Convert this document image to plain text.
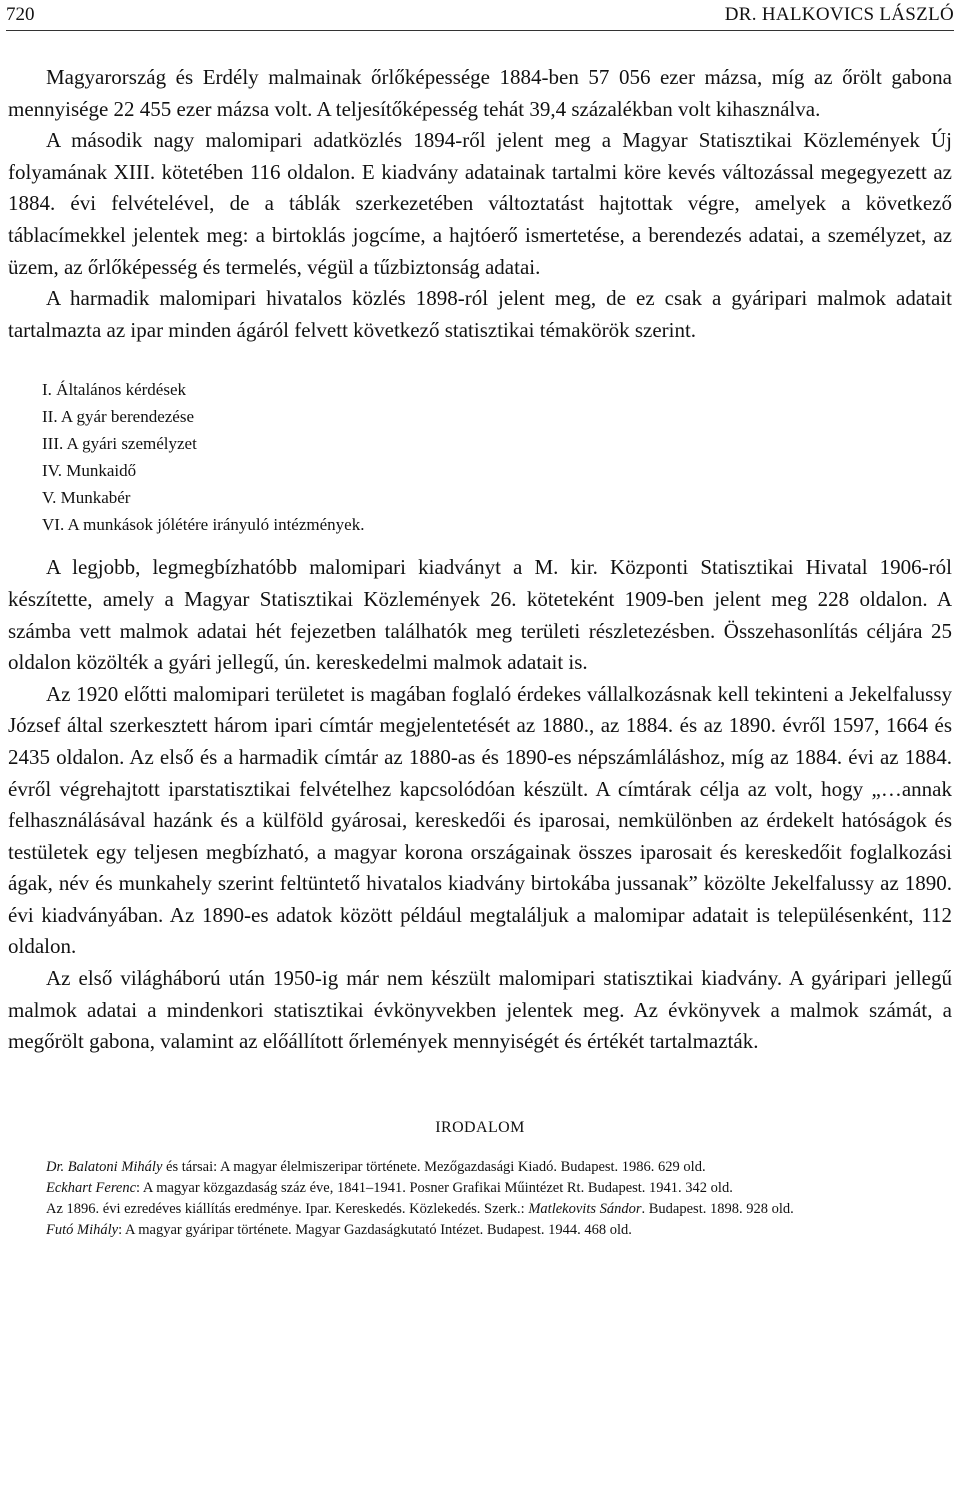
720	DR. HALKOVICS LÁSZLÓ

Magyarország és Erdély malmainak őrlőképessége 1884-ben 57 056 ezer mázsa, míg az őrölt gabona mennyisége 22 455 ezer mázsa volt. A teljesítőképesség tehát 39,4 százalékban volt kihasználva.

A második nagy malomipari adatközlés 1894-ről jelent meg a Magyar Statisztikai Közlemények Új folyamának XIII. kötetében 116 oldalon. E kiadvány adatainak tartalmi köre kevés változással megegyezett az 1884. évi felvételével, de a táblák szerkezetében változtatást hajtottak végre, amelyek a következő táblacímekkel jelentek meg: a birtoklás jogcíme, a hajtóerő ismertetése, a berendezés adatai, a személyzet, az üzem, az őrlőképesség és termelés, végül a tűzbiztonság adatai.

A harmadik malomipari hivatalos közlés 1898-ról jelent meg, de ez csak a gyáripari malmok adatait tartalmazta az ipar minden ágáról felvett következő statisztikai témakörök szerint.

I. Általános kérdések
II. A gyár berendezése
III. A gyári személyzet
IV. Munkaidő
V. Munkabér
VI. A munkások jólétére irányuló intézmények.

A legjobb, legmegbízhatóbb malomipari kiadványt a M. kir. Központi Statisztikai Hivatal 1906-ról készítette, amely a Magyar Statisztikai Közlemények 26. köteteként 1909-ben jelent meg 228 oldalon. A számba vett malmok adatai hét fejezetben találhatók meg területi részletezésben. Összehasonlítás céljára 25 oldalon közölték a gyári jellegű, ún. kereskedelmi malmok adatait is.

Az 1920 előtti malomipari területet is magában foglaló érdekes vállalkozásnak kell tekinteni a Jekelfalussy József által szerkesztett három ipari címtár megjelentetését az 1880., az 1884. és az 1890. évről 1597, 1664 és 2435 oldalon. Az első és a harmadik címtár az 1880-as és 1890-es népszámláláshoz, míg az 1884. évi az 1884. évről végrehajtott iparstatisztikai felvételhez kapcsolódóan készült. A címtárak célja az volt, hogy „…annak felhasználásával hazánk és a külföld gyárosai, kereskedői és iparosai, nemkülönben az érdekelt hatóságok és testületek egy teljesen megbízható, a magyar korona országainak összes iparosait és kereskedőit foglalkozási ágak, név és munkahely szerint feltüntető hivatalos kiadvány birtokába jussanak” közölte Jekelfalussy az 1890. évi kiadványában. Az 1890-es adatok között például megtaláljuk a malomipar adatait is településenként, 112 oldalon.

Az első világháború után 1950-ig már nem készült malomipari statisztikai kiadvány. A gyáripari jellegű malmok adatai a mindenkori statisztikai évkönyvekben jelentek meg. Az évkönyvek a malmok számát, a megőrölt gabona, valamint az előállított őrlemények mennyiségét és értékét tartalmazták.

IRODALOM
Dr. Balatoni Mihály és társai: A magyar élelmiszeripar története. Mezőgazdasági Kiadó. Budapest. 1986. 629 old.
Eckhart Ferenc: A magyar közgazdaság száz éve, 1841–1941. Posner Grafikai Műintézet Rt. Budapest. 1941. 342 old.
Az 1896. évi ezredéves kiállítás eredménye. Ipar. Kereskedés. Közlekedés. Szerk.: Matlekovits Sándor. Budapest. 1898. 928 old.
Futó Mihály: A magyar gyáripar története. Magyar Gazdaságkutató Intézet. Budapest. 1944. 468 old.
